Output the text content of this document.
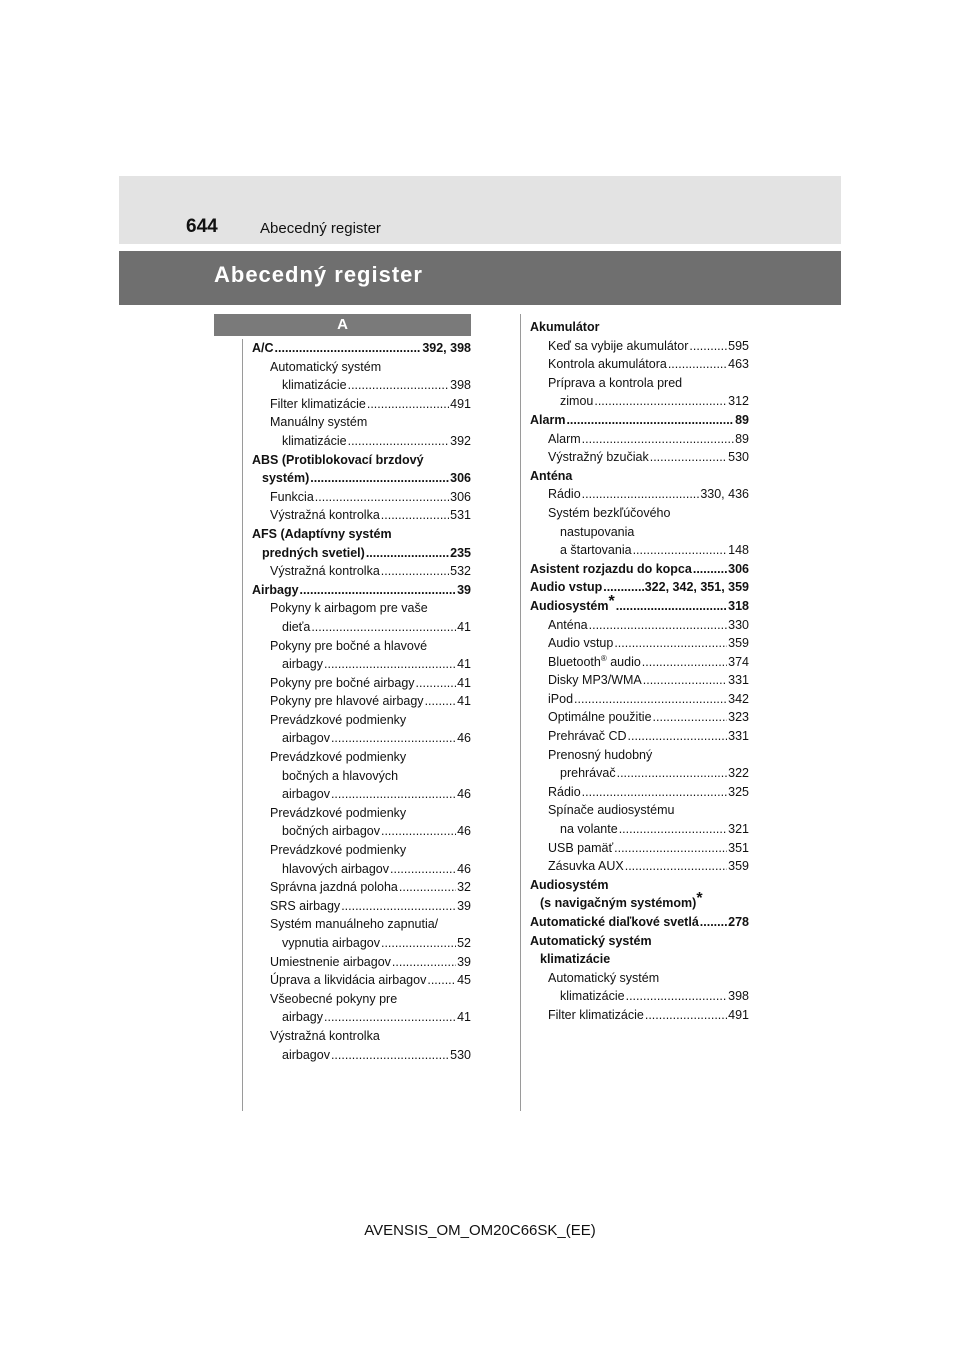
644	Abecedný register
Abecedný register
A
A/C .....	392, 398
Automatický systém
klimatizácie .....	398
Filter klimatizácie .....	491
Manuálny systém
klimatizácie .....	392
ABS (Protiblokovací brzdový
systém) .....	306
Funkcia .....	306
Výstražná kontrolka .....	531
AFS (Adaptívny systém
predných svetiel) .....	235
Výstražná kontrolka .....	532
Airbagy .....	39
Pokyny k airbagom pre vaše
dieťa .....	41
Pokyny pre bočné a hlavové
airbagy .....	41
Pokyny pre bočné airbagy .....	41
Pokyny pre hlavové airbagy .....	41
Prevádzkové podmienky
airbagov .....	46
Prevádzkové podmienky
bočných a hlavových
airbagov .....	46
Prevádzkové podmienky
bočných airbagov .....	46
Prevádzkové podmienky
hlavových airbagov .....	46
Správna jazdná poloha .....	32
SRS airbagy .....	39
Systém manuálneho zapnutia/
vypnutia airbagov .....	52
Umiestnenie airbagov .....	39
Úprava a likvidácia airbagov ..... 45
Všeobecné pokyny pre
airbagy .....	41
Výstražná kontrolka
airbagov .....	530
Akumulátor
Keď sa vybije akumulátor .....	595
Kontrola akumulátora .....	463
Príprava a kontrola pred
zimou .....	312
Alarm .....	89
Alarm .....	89
Výstražný bzučiak .....	530
Anténa
Rádio .....	330, 436
Systém bezkľúčového
nastupovania
a štartovania .....	148
Asistent rozjazdu do kopca .....	306
Audio vstup .....	322, 342, 351, 359
Audiosystém* .....	318
Anténa .....	330
Audio vstup .....	359
Bluetooth® audio .....	374
Disky MP3/WMA .....	331
iPod .....	342
Optimálne použitie .....	323
Prehrávač CD .....	331
Prenosný hudobný
prehrávač .....	322
Rádio .....	325
Spínače audiosystému
na volante .....	321
USB pamäť .....	351
Zásuvka AUX .....	359
Audiosystém
(s navigačným systémom)*
Automatické diaľkové svetlá ..... 278
Automatický systém
klimatizácie
Automatický systém
klimatizácie .....	398
Filter klimatizácie .....	491
AVENSIS_OM_OM20C66SK_(EE)
